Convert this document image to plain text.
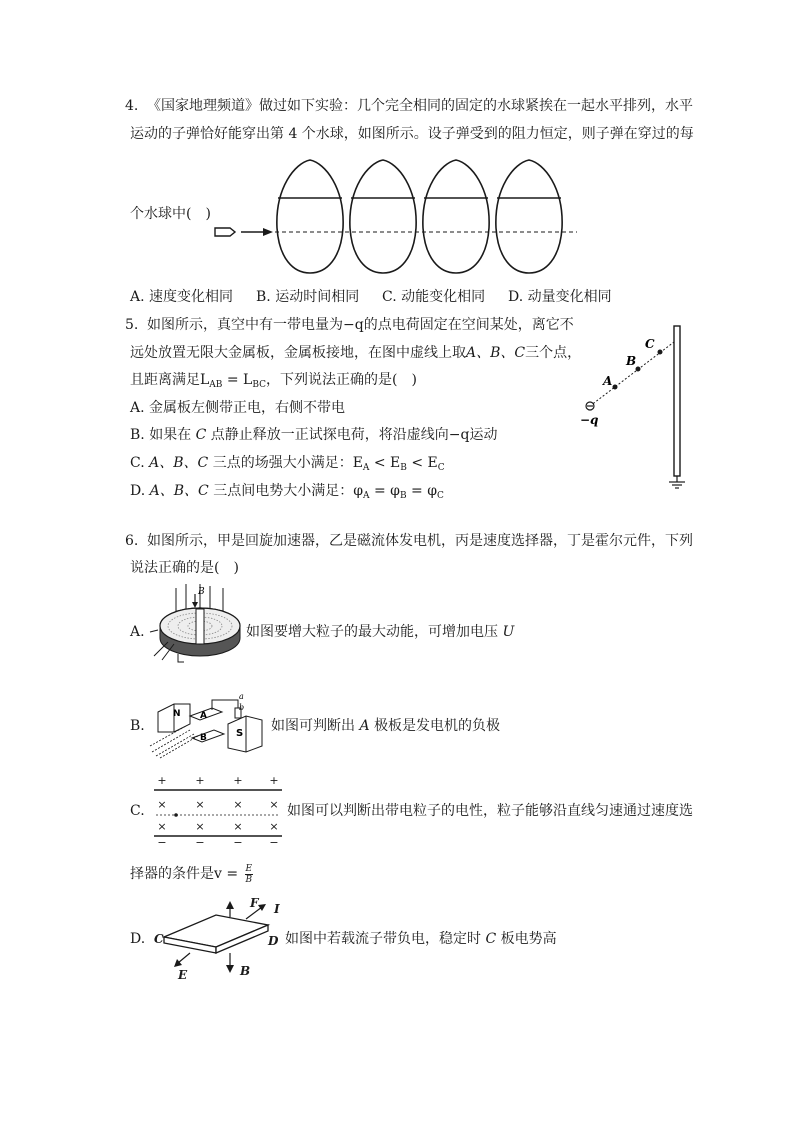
4. 《国家地理频道》做过如下实验：几个完全相同的固定的水球紧挨在一起水平排列，水平
运动的子弹恰好能穿出第 4 个水球，如图所示。设子弹受到的阻力恒定，则子弹在穿过的每
个水球中(　)
A. 速度变化相同 B. 运动时间相同 C. 动能变化相同 D. 动量变化相同
5. 如图所示，真空中有一带电量为−q的点电荷固定在空间某处，离它不
远处放置无限大金属板，金属板接地，在图中虚线上取A、B、C三个点，
且距离满足$L_{AB} = L_{BC}$，下列说法正确的是(　)
A. 金属板左侧带正电，右侧不带电
B. 如果在 C 点静止释放一正试探电荷，将沿虚线向−q运动
C. A、B、C 三点的场强大小满足：$E_A < E_B < E_C$
D. A、B、C 三点间电势大小满足：$\varphi_A = \varphi_B = \varphi_C$
A
B
C
−q
6. 如图所示，甲是回旋加速器，乙是磁流体发电机，丙是速度选择器，丁是霍尔元件，下列
说法正确的是(　)
A.
B
如图要增大粒子的最大动能，可增加电压 U
B.
N A
B	S
a
b
如图可判断出 A 极板是发电机的负极
C.
+	+	+ +
×	×	× ×
×	×	× ×
−	−	− −
如图可以判断出带电粒子的电性，粒子能够沿直线匀速通过速度选
择器的条件是$v = \frac{E}{B}$
D. C	D
F I
E	B
如图中若载流子带负电，稳定时 C 板电势高
